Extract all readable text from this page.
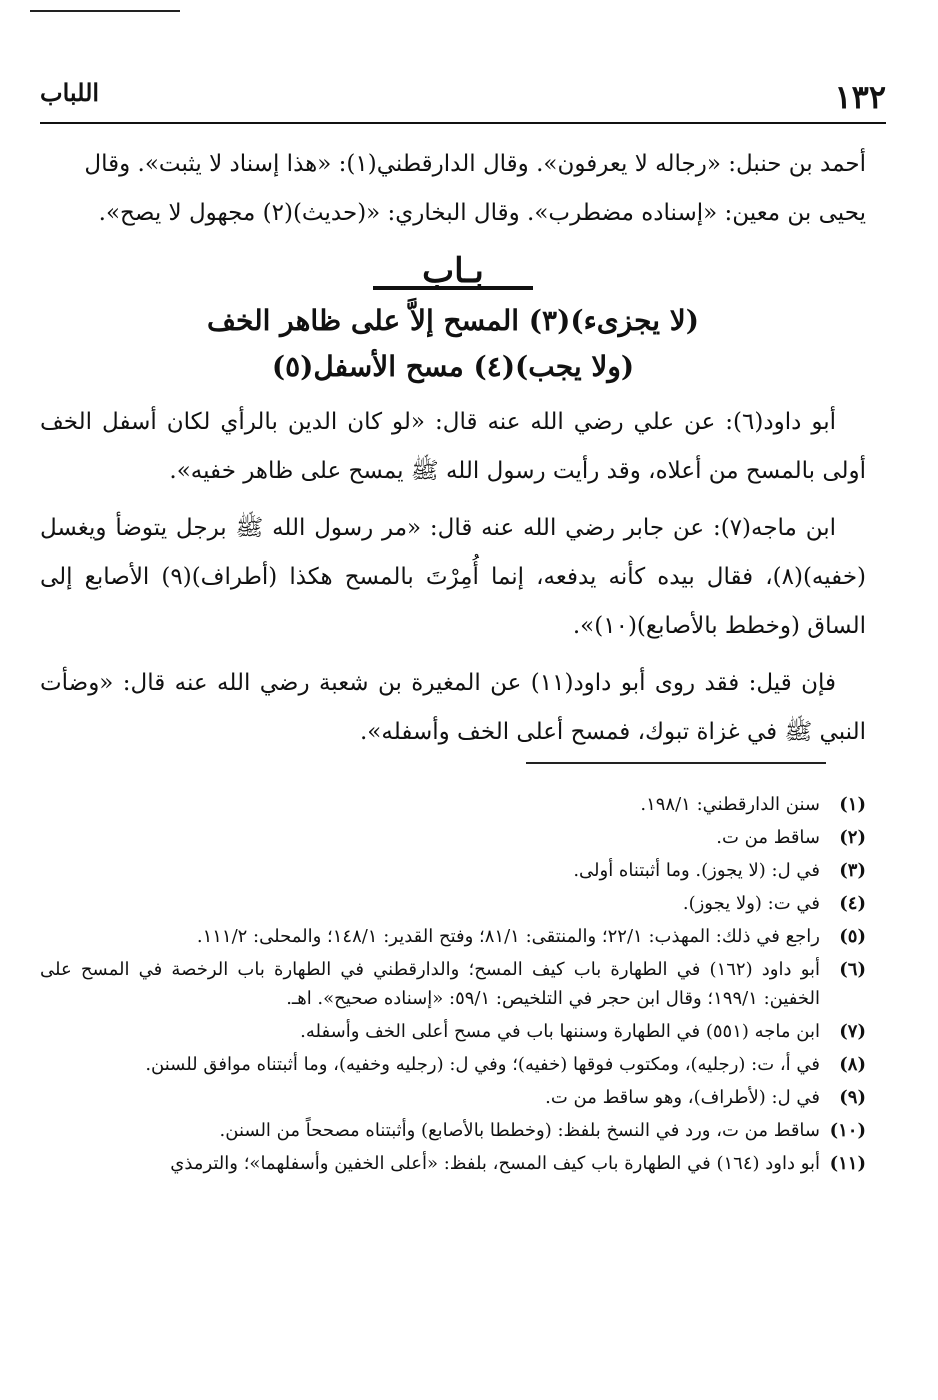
١٣٢
اللباب

أحمد بن حنبل: «رجاله لا يعرفون». وقال الدارقطني(١): «هذا إسناد لا يثبت». وقال

يحيى بن معين: «إسناده مضطرب». وقال البخاري: «(حديث)(٢) مجهول لا يصح».

بـاب
(لا يجزىء)(٣) المسح إلاَّ على ظاهر الخف
(ولا يجب)(٤) مسح الأسفل(٥)

أبو داود(٦): عن علي رضي الله عنه قال: «لو كان الدين بالرأي لكان أسفل الخف أولى بالمسح من أعلاه، وقد رأيت رسول الله ﷺ يمسح على ظاهر خفيه».

ابن ماجه(٧): عن جابر رضي الله عنه قال: «مر رسول الله ﷺ برجل يتوضأ ويغسل (خفيه)(٨)، فقال بيده كأنه يدفعه، إنما أُمِرْتَ بالمسح هكذا (أطراف)(٩) الأصابع إلى الساق (وخطط بالأصابع)(١٠)».

فإن قيل: فقد روى أبو داود(١١) عن المغيرة بن شعبة رضي الله عنه قال: «وضأت النبي ﷺ في غزاة تبوك، فمسح أعلى الخف وأسفله».

(١)
سنن الدارقطني: ١٩٨/١.
(٢)
ساقط من ت.
(٣)
في ل: (لا يجوز). وما أثبتناه أولى.
(٤)
في ت: (ولا يجوز).
(٥)
راجع في ذلك: المهذب: ٢٢/١؛ والمنتقى: ٨١/١؛ وفتح القدير: ١٤٨/١؛ والمحلى: ١١١/٢.
(٦)
أبو داود (١٦٢) في الطهارة باب كيف المسح؛ والدارقطني في الطهارة باب الرخصة في المسح على الخفين: ١٩٩/١؛ وقال ابن حجر في التلخيص: ٥٩/١: «إسناده صحيح». اهـ.
(٧)
ابن ماجه (٥٥١) في الطهارة وسننها باب في مسح أعلى الخف وأسفله.
(٨)
في أ، ت: (رجليه)، ومكتوب فوقها (خفيه)؛ وفي ل: (رجليه وخفيه)، وما أثبتناه موافق للسنن.
(٩)
في ل: (لأطراف)، وهو ساقط من ت.
(١٠)
ساقط من ت، ورد في النسخ بلفظ: (وخططا بالأصابع) وأثبتناه مصححاً من السنن.
(١١)
أبو داود (١٦٤) في الطهارة باب كيف المسح، بلفظ: «أعلى الخفين وأسفلهما»؛ والترمذي
